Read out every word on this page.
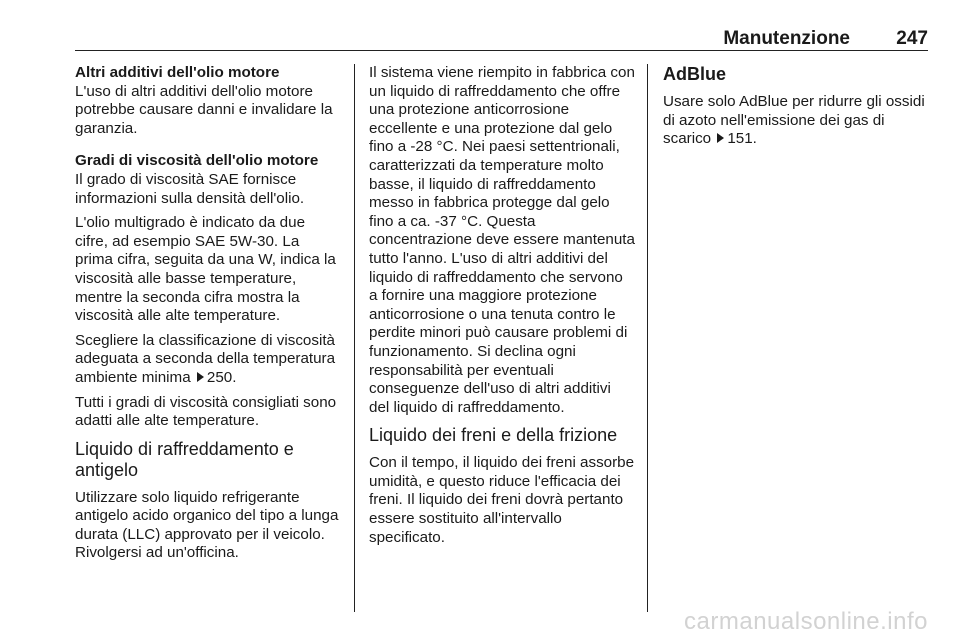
Manutenzione 247

Altri additivi dell'olio motore

L'uso di altri additivi dell'olio motore potrebbe causare danni e invalidare la garanzia.

Gradi di viscosità dell'olio motore

Il grado di viscosità SAE fornisce informazioni sulla densità dell'olio.

L'olio multigrado è indicato da due cifre, ad esempio SAE 5W-30. La prima cifra, seguita da una W, indica la viscosità alle basse temperature, mentre la seconda cifra mostra la viscosità alle alte temperature.

Scegliere la classificazione di viscosità adeguata a seconda della temperatura ambiente minima 250.

Tutti i gradi di viscosità consigliati sono adatti alle alte temperature.

Liquido di raffreddamento e antigelo

Utilizzare solo liquido refrigerante antigelo acido organico del tipo a lunga durata (LLC) approvato per il veicolo. Rivolgersi ad un'officina.

Il sistema viene riempito in fabbrica con un liquido di raffreddamento che offre una protezione anticorrosione eccellente e una protezione dal gelo fino a -28 °C. Nei paesi settentrionali, caratterizzati da temperature molto basse, il liquido di raffreddamento messo in fabbrica protegge dal gelo fino a ca. -37 °C. Questa concentrazione deve essere mantenuta tutto l'anno. L'uso di altri additivi del liquido di raffreddamento che servono a fornire una maggiore protezione anticorrosione o una tenuta contro le perdite minori può causare problemi di funzionamento. Si declina ogni responsabilità per eventuali conseguenze dell'uso di altri additivi del liquido di raffreddamento.

Liquido dei freni e della frizione

Con il tempo, il liquido dei freni assorbe umidità, e questo riduce l'efficacia dei freni. Il liquido dei freni dovrà pertanto essere sostituito all'intervallo specificato.

AdBlue

Usare solo AdBlue per ridurre gli ossidi di azoto nell'emissione dei gas di scarico 151.

carmanualsonline.info
